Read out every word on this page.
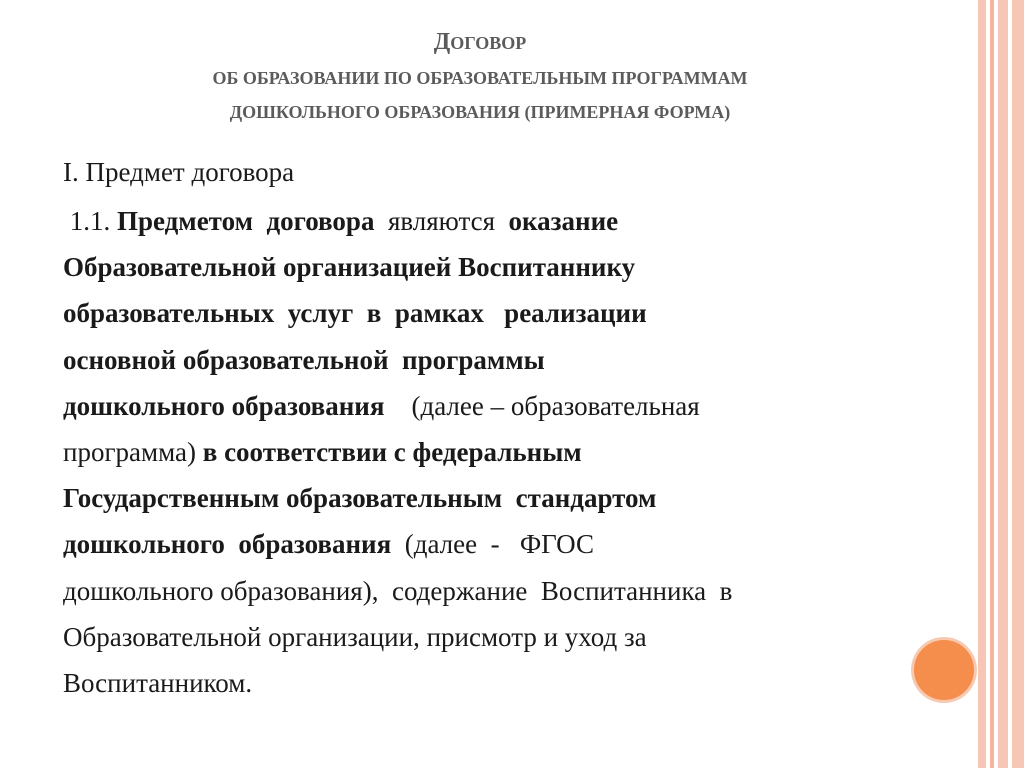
ДОГОВОР
ОБ ОБРАЗОВАНИИ ПО ОБРАЗОВАТЕЛЬНЫМ ПРОГРАММАМ
ДОШКОЛЬНОГО ОБРАЗОВАНИЯ (ПРИМЕРНАЯ ФОРМА)
I. Предмет договора
1.1. Предметом  договора  являются  оказание
Образовательной организацией Воспитаннику
образовательных  услуг  в  рамках   реализации
основной образовательной  программы
дошкольного образования    (далее – образовательная
программа) в соответствии с федеральным
Государственным образовательным  стандартом
дошкольного  образования  (далее  -   ФГОС
дошкольного образования),  содержание  Воспитанника  в
Образовательной организации, присмотр и уход за
Воспитанником.
